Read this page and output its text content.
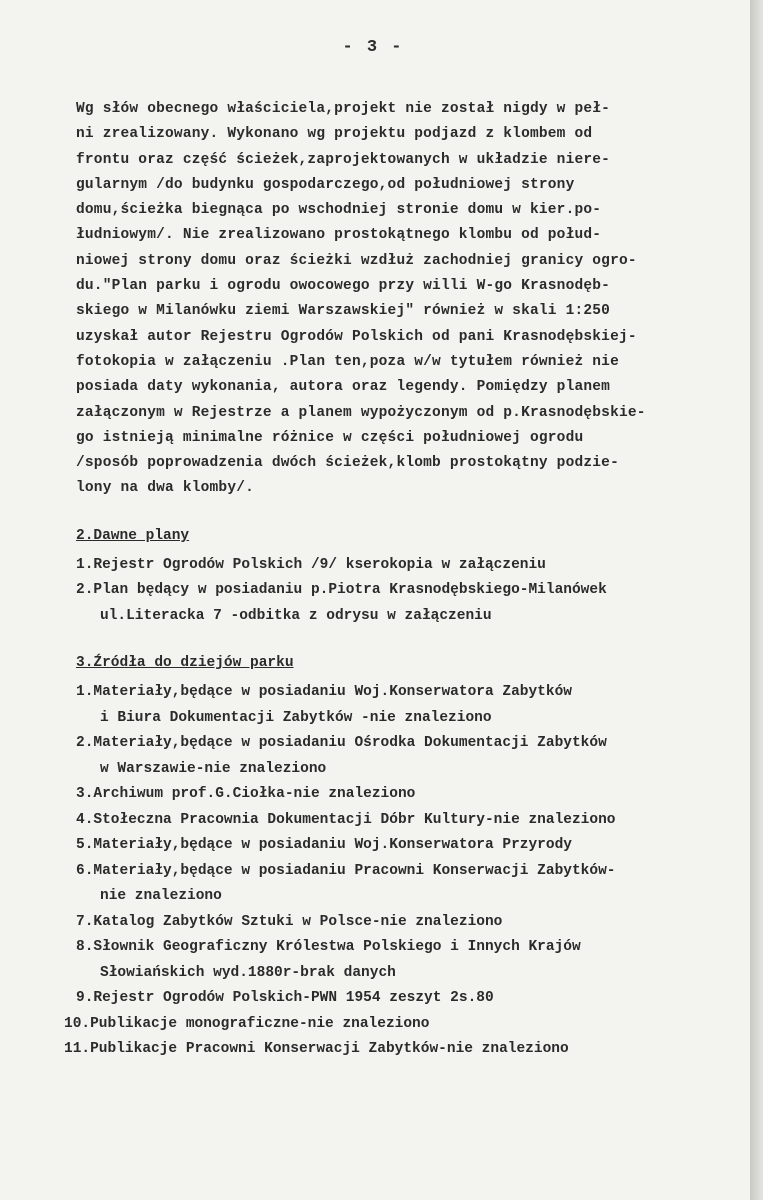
- 3 -
Wg słów obecnego właściciela,projekt nie został nigdy w peł-
ni zrealizowany. Wykonano wg projektu podjazd z klombem od
frontu oraz część ścieżek,zaprojektowanych w układzie niere-
gularnym /do budynku gospodarczego,od południowej strony
domu,ścieżka biegnąca po wschodniej stronie domu w kier.po-
łudniowym/. Nie zrealizowano prostokątnego klombu od połud-
niowej strony domu oraz ścieżki wzdłuż zachodniej granicy ogro-
du."Plan parku i ogrodu owocowego przy willi W-go Krasnodęb-
skiego w Milanówku ziemi Warszawskiej" również w skali 1:250
uzyskał autor Rejestru Ogrodów Polskich od pani Krasnodębskiej-
fotokopia w załączeniu .Plan ten,poza w/w tytułem również nie
posiada daty wykonania, autora oraz legendy. Pomiędzy planem
załączonym w Rejestrze a planem wypożyczonym od p.Krasnodębskie-
go istnieją minimalne różnice w części południowej ogrodu
/sposób poprowadzenia dwóch ścieżek,klomb prostokątny podzie-
lony na dwa klomby/.
2.Dawne plany
1.Rejestr Ogrodów Polskich /9/ kserokopia w załączeniu
2.Plan będący w posiadaniu p.Piotra Krasnodębskiego-Milanówek
ul.Literacka 7 -odbitka z odrysu w załączeniu
3.Źródła do dziejów parku
1.Materiały,będące w posiadaniu Woj.Konserwatora Zabytków
i Biura Dokumentacji Zabytków -nie znaleziono
2.Materiały,będące w posiadaniu Ośrodka Dokumentacji Zabytków
w Warszawie-nie znaleziono
3.Archiwum prof.G.Ciołka-nie znaleziono
4.Stołeczna Pracownia Dokumentacji Dóbr Kultury-nie znaleziono
5.Materiały,będące w posiadaniu Woj.Konserwatora Przyrody
6.Materiały,będące w posiadaniu Pracowni Konserwacji Zabytków-
nie znaleziono
7.Katalog Zabytków Sztuki w Polsce-nie znaleziono
8.Słownik Geograficzny Królestwa Polskiego i Innych Krajów
Słowiańskich wyd.1880r-brak danych
9.Rejestr Ogrodów Polskich-PWN 1954 zeszyt 2s.80
10.Publikacje monograficzne-nie znaleziono
11.Publikacje Pracowni Konserwacji Zabytków-nie znaleziono
